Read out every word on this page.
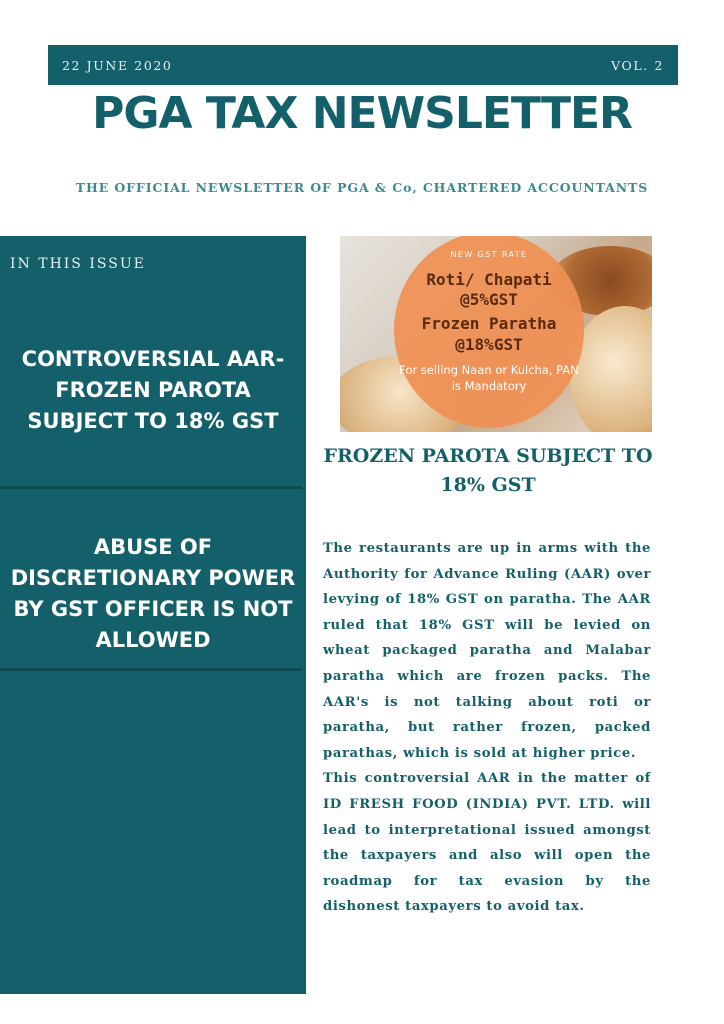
22 JUNE 2020	VOL. 2
PGA TAX NEWSLETTER
THE OFFICIAL NEWSLETTER OF PGA & Co, CHARTERED ACCOUNTANTS
IN THIS ISSUE
CONTROVERSIAL AAR- FROZEN PAROTA SUBJECT TO 18% GST
ABUSE OF DISCRETIONARY POWER BY GST OFFICER IS NOT ALLOWED
NEW GST RATE
Roti/ Chapati
@5%GST
Frozen Paratha
@18%GST
For selling Naan or Kulcha, PAN is Mandatory
FROZEN PAROTA SUBJECT TO 18% GST

The restaurants are up in arms with the Authority for Advance Ruling (AAR) over levying of 18% GST on paratha. The AAR ruled that 18% GST will be levied on wheat packaged paratha and Malabar paratha which are frozen packs. The AAR's is not talking about roti or paratha, but rather frozen, packed parathas, which is sold at higher price.

This controversial AAR in the matter of ID FRESH FOOD (INDIA) PVT. LTD. will lead to interpretational issued amongst the taxpayers and also will open the roadmap for tax evasion by the dishonest taxpayers to avoid tax.
